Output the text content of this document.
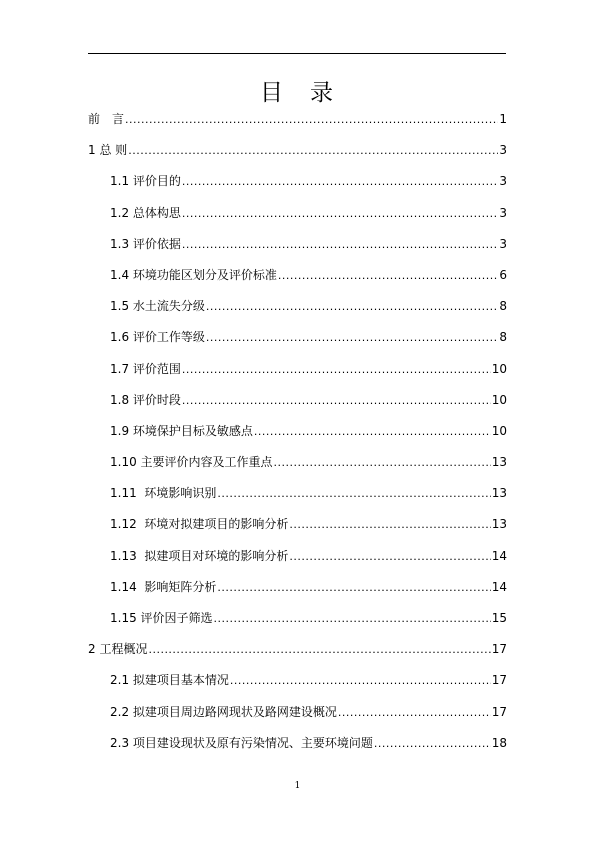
目　录
前　言 .....	1
1 总 则 .....	3
1.1 评价目的 .....	3
1.2 总体构思 .....	3
1.3 评价依据 .....	3
1.4 环境功能区划分及评价标准 .....	6
1.5 水土流失分级 .....	8
1.6 评价工作等级 .....	8
1.7 评价范围 .....	10
1.8 评价时段 .....	10
1.9 环境保护目标及敏感点 .....	10
1.10 主要评价内容及工作重点 .....	13
1.11  环境影响识别 .....	13
1.12  环境对拟建项目的影响分析 .....	13
1.13  拟建项目对环境的影响分析 .....	14
1.14  影响矩阵分析 .....	14
1.15 评价因子筛选 .....	15
2 工程概况 .....	17
2.1 拟建项目基本情况 .....	17
2.2 拟建项目周边路网现状及路网建设概况 .....	17
2.3 项目建设现状及原有污染情况、主要环境问题 .....	18
1
